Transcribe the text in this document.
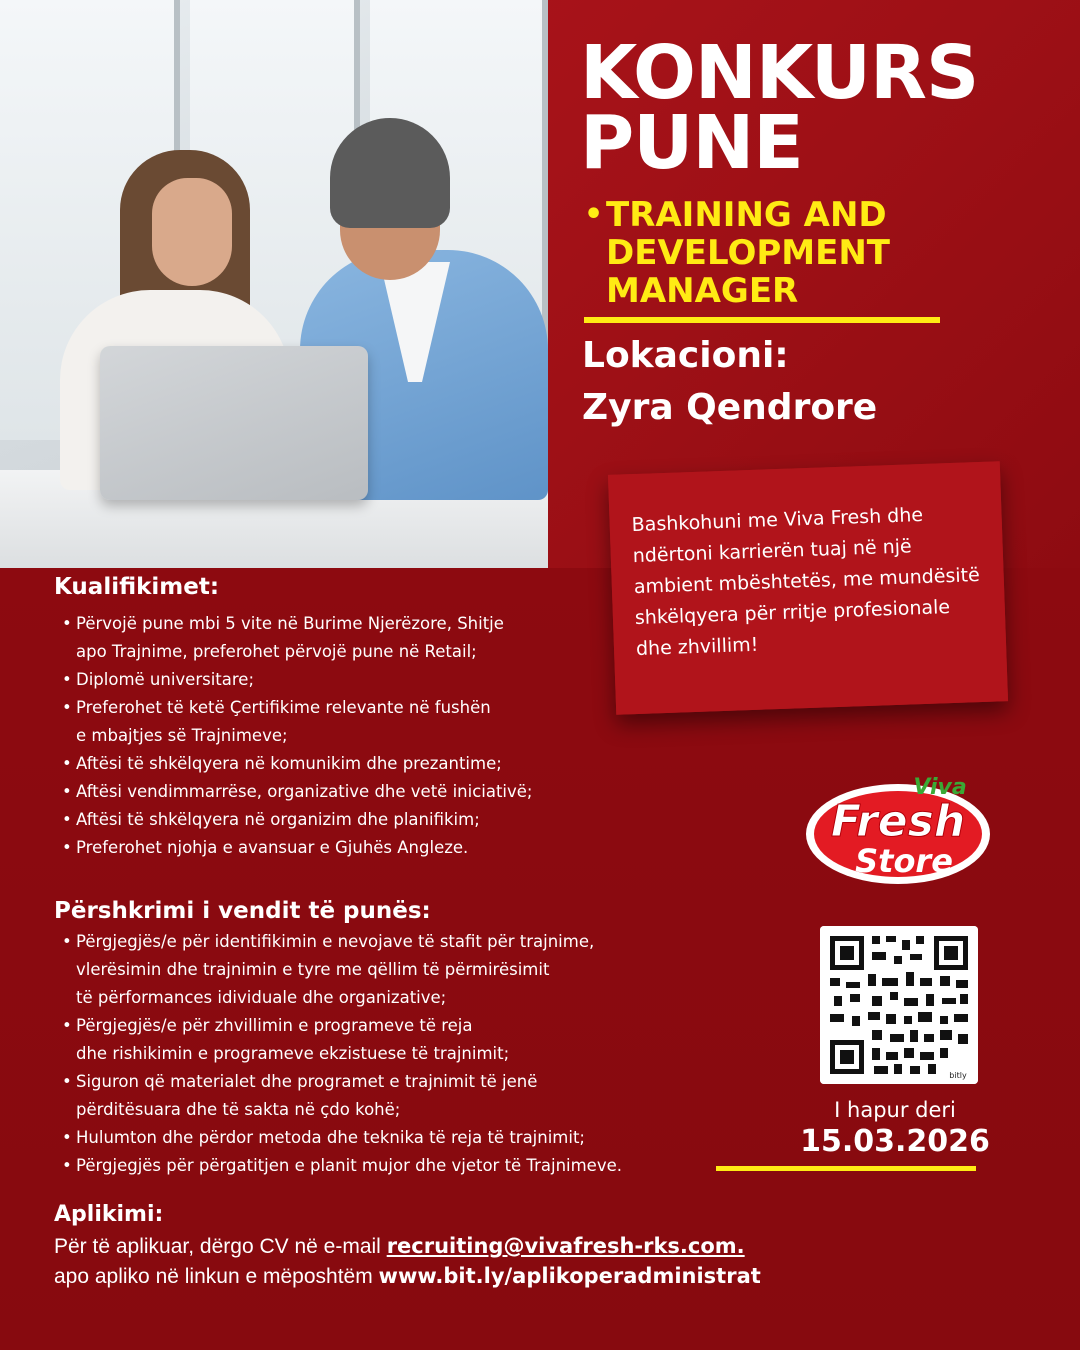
KONKURS
PUNE
• TRAINING AND DEVELOPMENT MANAGER
Lokacioni:
Zyra Qendrore

Bashkohuni me Viva Fresh dhe ndërtoni karrierën tuaj në një ambient mbështetës, me mundësitë shkëlqyera për rritje profesionale dhe zhvillim!

Kualifikimet:
• Përvojë pune mbi 5 vite në Burime Njerëzore, Shitje
apo Trajnime, preferohet përvojë pune në Retail;
• Diplomë universitare;
• Preferohet të ketë Çertifikime relevante në fushën
e mbajtjes së Trajnimeve;
• Aftësi të shkëlqyera në komunikim dhe prezantime;
• Aftësi vendimmarrëse, organizative dhe vetë iniciativë;
• Aftësi të shkëlqyera në organizim dhe planifikim;
• Preferohet njohja e avansuar e Gjuhës Angleze.
Përshkrimi i vendit të punës:
• Përgjegjës/e për identifikimin e nevojave të stafit për trajnime,
vlerësimin dhe trajnimin e tyre me qëllim të përmirësimit
të përformances idividuale dhe organizative;
• Përgjegjës/e për zhvillimin e programeve të reja
dhe rishikimin e programeve ekzistuese të trajnimit;
• Siguron që materialet dhe programet e trajnimit të jenë
përditësuara dhe të sakta në çdo kohë;
• Hulumton dhe përdor metoda dhe teknika të reja të trajnimit;
• Përgjegjës për përgatitjen e planit mujor dhe vjetor të Trajnimeve.
Viva
Fresh
Store
bitly
I hapur deri
15.03.2026
Aplikimi:
Për të aplikuar, dërgo CV në e-mail recruiting@vivafresh-rks.com.
apo apliko në linkun e mëposhtëm www.bit.ly/aplikoperadministrat
